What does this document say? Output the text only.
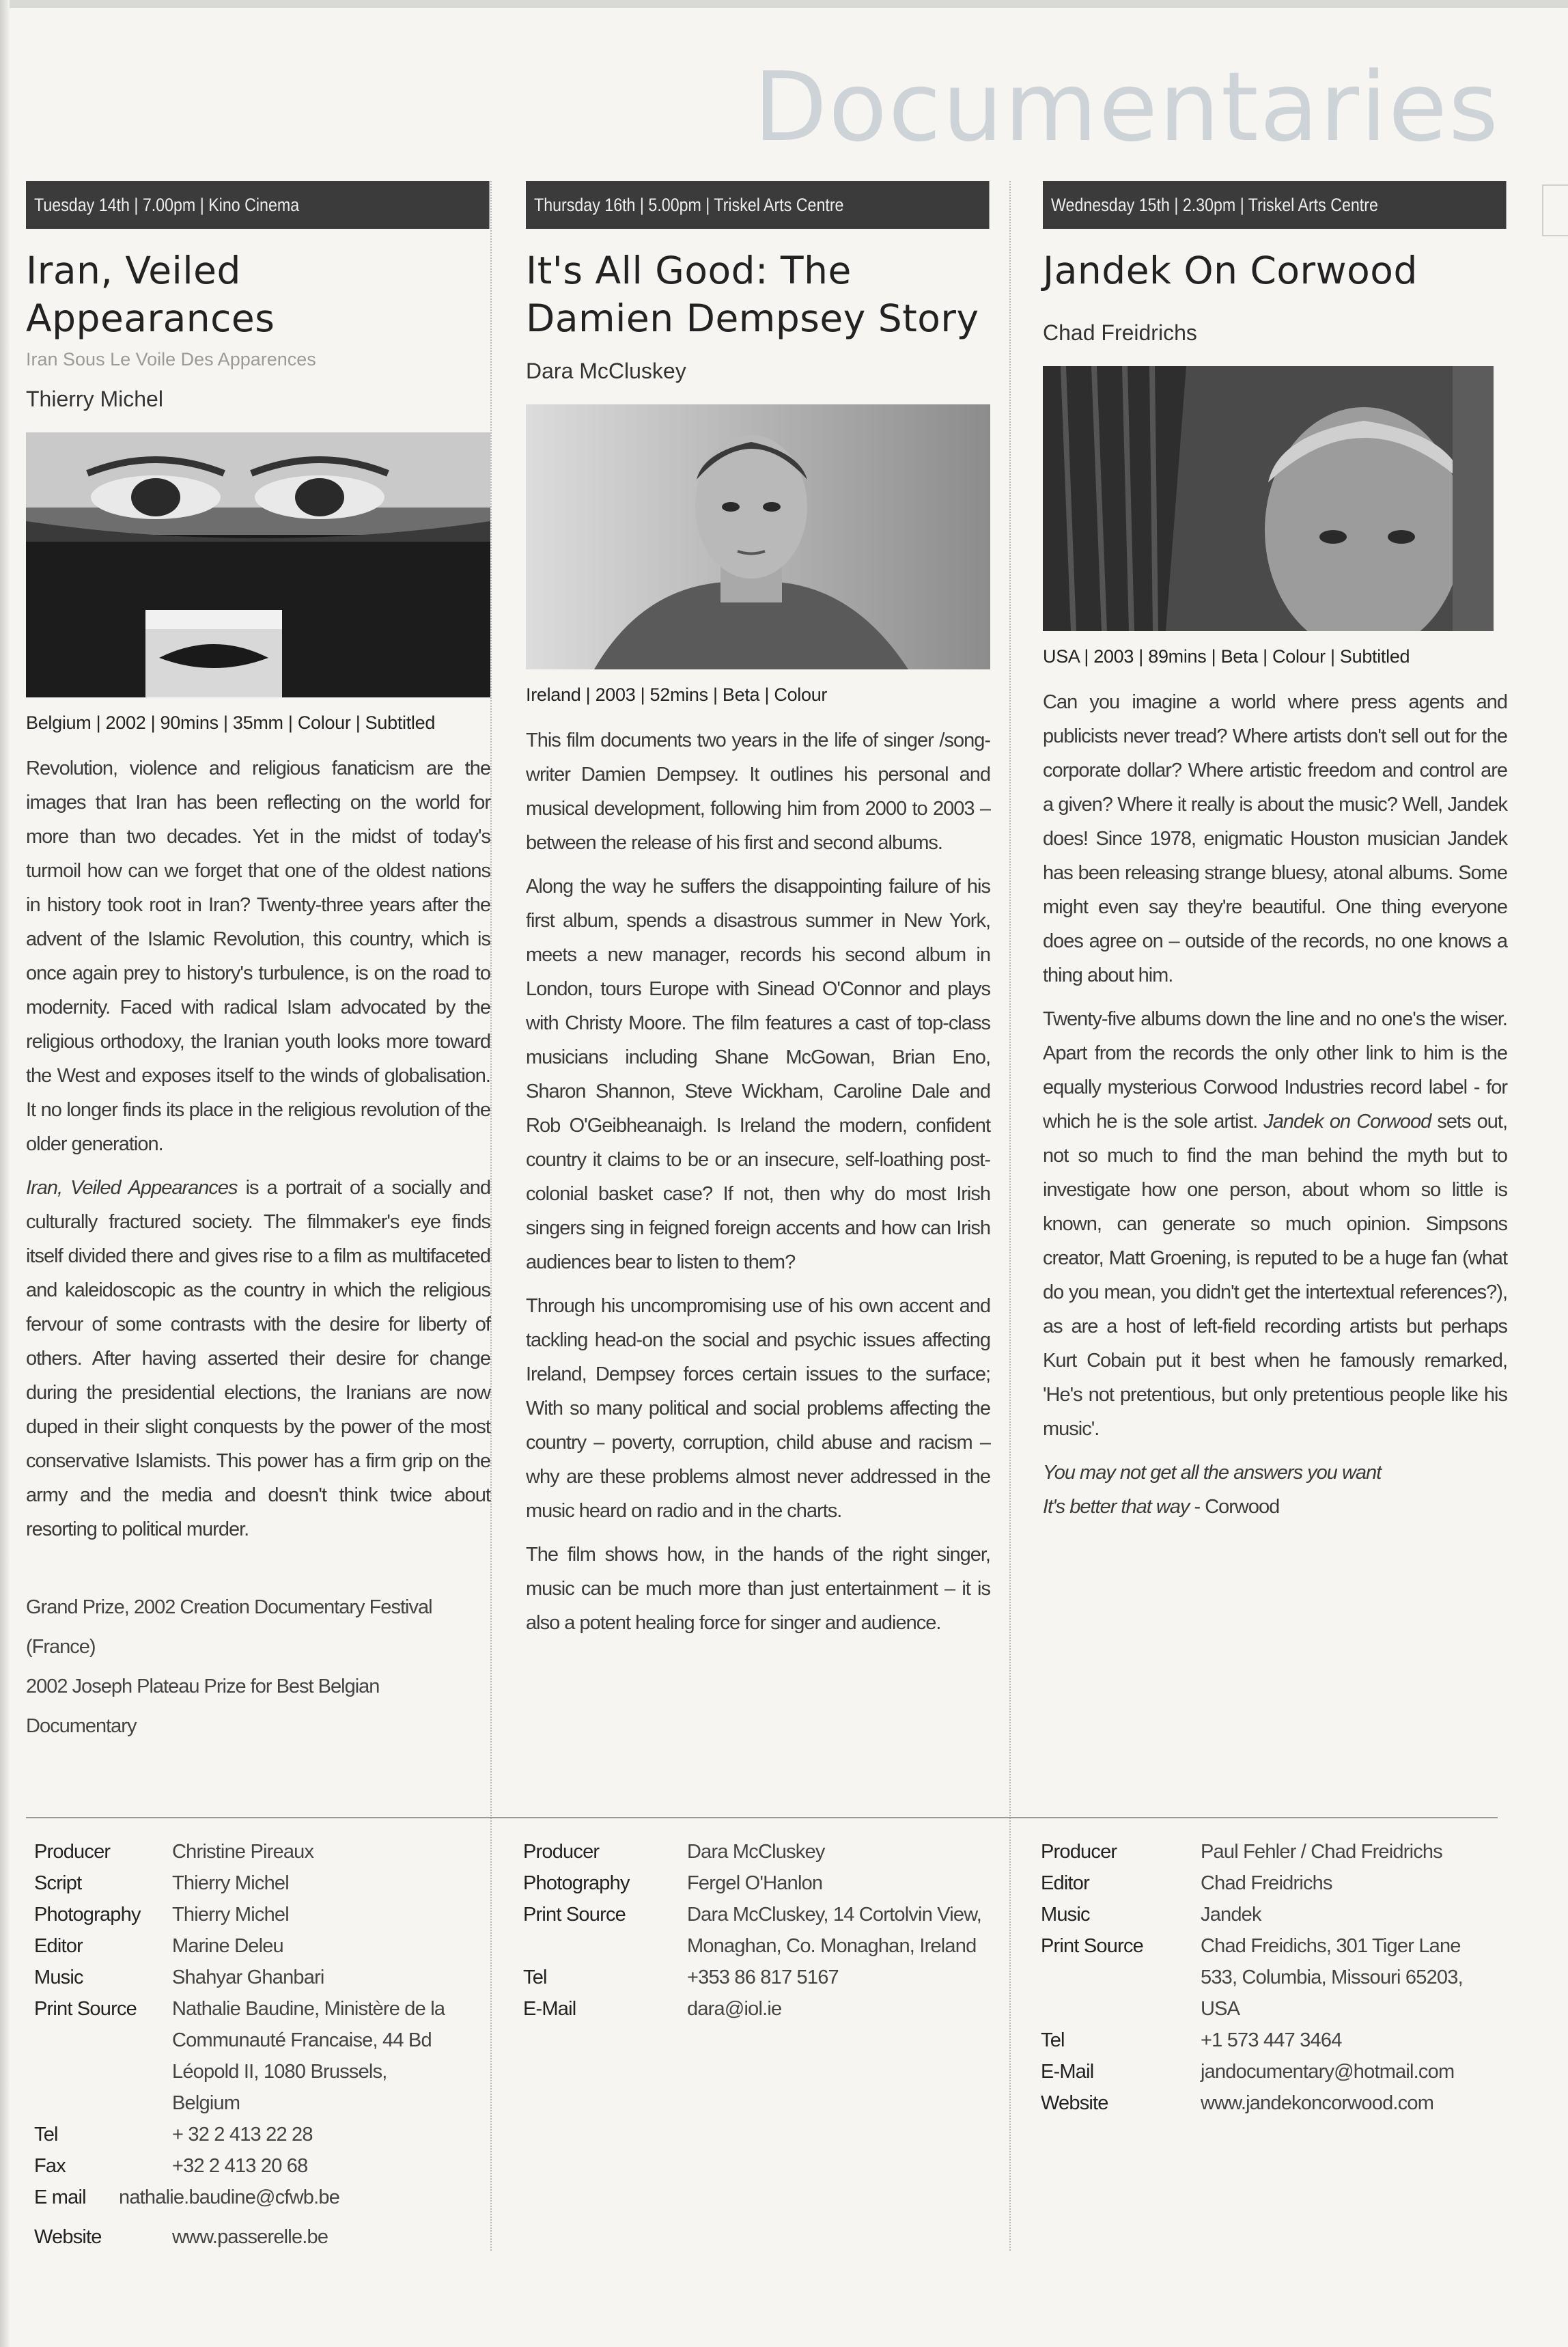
Documentaries
Tuesday 14th | 7.00pm | Kino Cinema
Iran, Veiled Appearances
Iran Sous Le Voile Des Apparences
Thierry Michel
Belgium | 2002 | 90mins | 35mm | Colour | Subtitled

Revolution, violence and religious fanaticism are the images that Iran has been reflecting on the world for more than two decades. Yet in the midst of today's turmoil how can we forget that one of the oldest nations in history took root in Iran? Twenty-three years after the advent of the Islamic Revolution, this country, which is once again prey to history's turbulence, is on the road to modernity. Faced with radical Islam advocated by the religious orthodoxy, the Iranian youth looks more toward the West and exposes itself to the winds of globalisation. It no longer finds its place in the religious revolution of the older generation.

Iran, Veiled Appearances is a portrait of a socially and culturally fractured society. The filmmaker's eye finds itself divided there and gives rise to a film as multifaceted and kaleidoscopic as the country in which the religious fervour of some contrasts with the desire for liberty of others. After having asserted their desire for change during the presidential elections, the Iranians are now duped in their slight conquests by the power of the most conservative Islamists. This power has a firm grip on the army and the media and doesn't think twice about resorting to political murder.

Grand Prize, 2002 Creation Documentary Festival (France)
2002 Joseph Plateau Prize for Best Belgian Documentary
Thursday 16th | 5.00pm | Triskel Arts Centre
It's All Good: The Damien Dempsey Story
Dara McCluskey
Ireland | 2003 | 52mins | Beta | Colour

This film documents two years in the life of singer /song-writer Damien Dempsey. It outlines his personal and musical development, following him from 2000 to 2003 – between the release of his first and second albums.

Along the way he suffers the disappointing failure of his first album, spends a disastrous summer in New York, meets a new manager, records his second album in London, tours Europe with Sinead O'Connor and plays with Christy Moore. The film features a cast of top-class musicians including Shane McGowan, Brian Eno, Sharon Shannon, Steve Wickham, Caroline Dale and Rob O'Geibheanaigh. Is Ireland the modern, confident country it claims to be or an insecure, self-loathing post-colonial basket case? If not, then why do most Irish singers sing in feigned foreign accents and how can Irish audiences bear to listen to them?

Through his uncompromising use of his own accent and tackling head-on the social and psychic issues affecting Ireland, Dempsey forces certain issues to the surface; With so many political and social problems affecting the country – poverty, corruption, child abuse and racism – why are these problems almost never addressed in the music heard on radio and in the charts.

The film shows how, in the hands of the right singer, music can be much more than just entertainment – it is also a potent healing force for singer and audience.

Wednesday 15th | 2.30pm | Triskel Arts Centre
Jandek On Corwood
Chad Freidrichs
USA | 2003 | 89mins | Beta | Colour | Subtitled

Can you imagine a world where press agents and publicists never tread? Where artists don't sell out for the corporate dollar? Where artistic freedom and control are a given? Where it really is about the music? Well, Jandek does! Since 1978, enigmatic Houston musician Jandek has been releasing strange bluesy, atonal albums. Some might even say they're beautiful. One thing everyone does agree on – outside of the records, no one knows a thing about him.

Twenty-five albums down the line and no one's the wiser. Apart from the records the only other link to him is the equally mysterious Corwood Industries record label - for which he is the sole artist. Jandek on Corwood sets out, not so much to find the man behind the myth but to investigate how one person, about whom so little is known, can generate so much opinion. Simpsons creator, Matt Groening, is reputed to be a huge fan (what do you mean, you didn't get the intertextual references?), as are a host of left-field recording artists but perhaps Kurt Cobain put it best when he famously remarked, 'He's not pretentious, but only pretentious people like his music'.

You may not get all the answers you want
It's better that way - Corwood

Producer	Christine Pireaux
Script	Thierry Michel
Photography	Thierry Michel
Editor	Marine Deleu
Music	Shahyar Ghanbari
Print Source	Nathalie Baudine, Ministère de la Communauté Francaise, 44 Bd Léopold II, 1080 Brussels, Belgium
Tel	+ 32 2 413 22 28
Fax	+32 2 413 20 68
E mail	nathalie.baudine@cfwb.be
Website	www.passerelle.be
Producer	Dara McCluskey
Photography	Fergel O'Hanlon
Print Source	Dara McCluskey, 14 Cortolvin View, Monaghan, Co. Monaghan, Ireland
Tel	+353 86 817 5167
E-Mail	dara@iol.ie
Producer	Paul Fehler / Chad Freidrichs
Editor	Chad Freidrichs
Music	Jandek
Print Source	Chad Freidichs, 301 Tiger Lane 533, Columbia, Missouri 65203, USA
Tel	+1 573 447 3464
E-Mail	jandocumentary@hotmail.com
Website	www.jandekoncorwood.com
